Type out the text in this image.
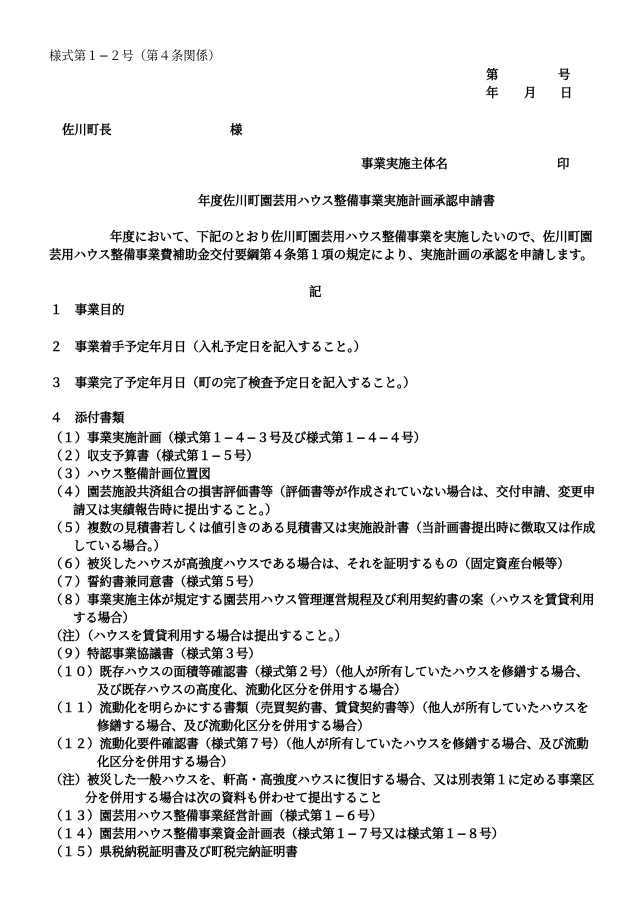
様式第１−２号（第４条関係）
第	号
年 月 日
佐川町長	様
事業実施主体名	印
年度佐川町園芸用ハウス整備事業実施計画承認申請書
年度において、下記のとおり佐川町園芸用ハウス整備事業を実施したいので、佐川町園
芸用ハウス整備事業費補助金交付要綱第４条第１項の規定により、実施計画の承認を申請します。
記
１　事業目的
２　事業着手予定年月日（入札予定日を記入すること。）
３　事業完了予定年月日（町の完了検査予定日を記入すること。）
４　添付書類
（１）事業実施計画（様式第１−４−３号及び様式第１−４−４号）
（２）収支予算書（様式第１−５号）
（３）ハウス整備計画位置図
（４）園芸施設共済組合の損害評価書等（評価書等が作成されていない場合は、交付申請、変更申
請又は実績報告時に提出すること。）
（５）複数の見積書若しくは値引きのある見積書又は実施設計書（当計画書提出時に徴取又は作成
している場合。）
（６）被災したハウスが高強度ハウスである場合は、それを証明するもの（固定資産台帳等）
（７）誓約書兼同意書（様式第５号）
（８）事業実施主体が規定する園芸用ハウス管理運営規程及び利用契約書の案（ハウスを賃貸利用
する場合）
（注）（ハウスを賃貸利用する場合は提出すること。）
（９）特認事業協議書（様式第３号）
（１０）既存ハウスの面積等確認書（様式第２号）（他人が所有していたハウスを修繕する場合、
及び既存ハウスの高度化、流動化区分を併用する場合）
（１１）流動化を明らかにする書類（売買契約書、賃貸契約書等）（他人が所有していたハウスを
修繕する場合、及び流動化区分を併用する場合）
（１２）流動化要件確認書（様式第７号）（他人が所有していたハウスを修繕する場合、及び流動
化区分を併用する場合）
（注）被災した一般ハウスを、軒高・高強度ハウスに復旧する場合、又は別表第１に定める事業区
分を併用する場合は次の資料も併わせて提出すること
（１３）園芸用ハウス整備事業経営計画（様式第１−６号）
（１４）園芸用ハウス整備事業資金計画表（様式第１−７号又は様式第１−８号）
（１５）県税納税証明書及び町税完納証明書
